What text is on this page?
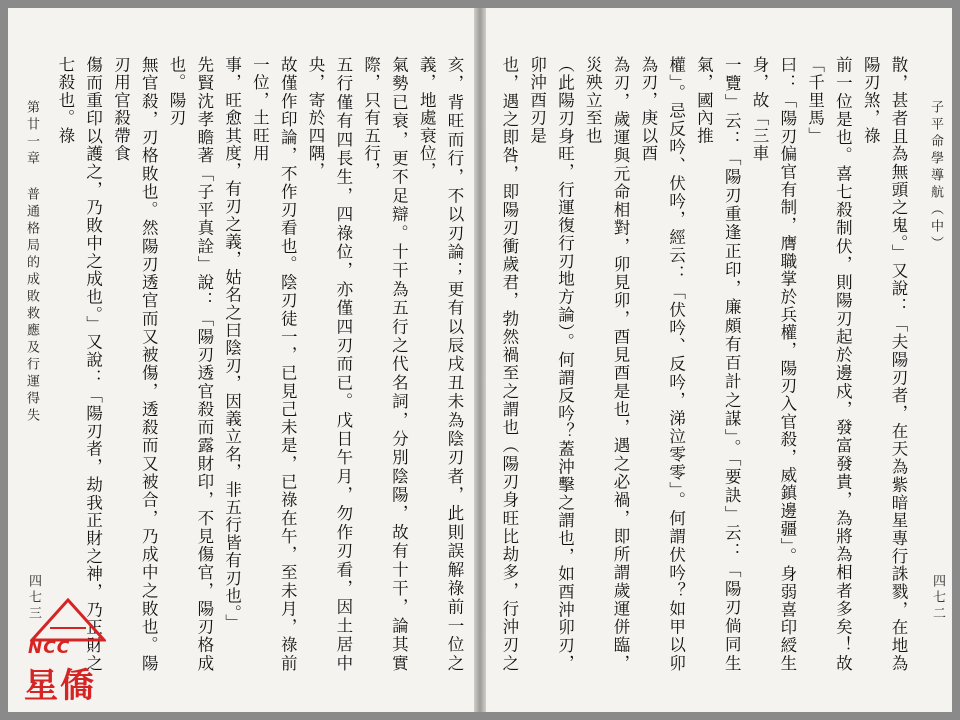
第廿一章 普通格局的成敗救應及行運得失
四七三	亥，背旺而行，不以刃論；更有以辰戌丑未為陰刃者，此則誤解祿前一位之義，地處衰位，
氣勢已衰，更不足辯。十干為五行之代名詞，分別陰陽，故有十干，論其實際，只有五行，
五行僅有四長生，四祿位，亦僅四刃而已。戊日午月，勿作刃看，因土居中央，寄於四隅，
故僅作印論，不作刃看也。陰刃徒一，已見己未是，已祿在午，至未月，祿前一位，土旺用
事，旺愈其度，有刃之義，姑名之曰陰刃，因義立名，非五行皆有刃也。」
先賢沈孝瞻著「子平真詮」說：「陽刃透官殺而露財印，不見傷官，陽刃格成也。陽刃
無官殺，刃格敗也。然陽刃透官而又被傷，透殺而又被合，乃成中之敗也。陽刃用官殺帶食
傷而重印以護之，乃敗中之成也。」又說：「陽刃者，劫我正財之神，乃正財之七殺也。祿
NCC
星僑
子平命學導航（中）
四七二
散，甚者且為無頭之鬼。」又說：「夫陽刃者，在天為紫暗星專行誅戮，在地為陽刃煞，祿
前一位是也。喜七殺制伏，則陽刃起於邊戍，發富發貴，為將為相者多矣！故「千里馬」
曰：「陽刃偏官有制，膺職掌於兵權，陽刃入官殺，威鎮邊疆」。身弱喜印綬生身，故「三車
一覽」云：「陽刃重逢正印，廉頗有百計之謀」。「要訣」云：「陽刃倘同生氣，國內推
權」。忌反吟、伏吟，經云：「伏吟、反吟，涕泣零零」。何謂伏吟？如甲以卯為刃，庚以酉
為刃，歲運與元命相對，卯見卯，酉見酉是也，遇之必禍，即所謂歲運併臨，災殃立至也
（此陽刃身旺，行運復行刃地方論）。何謂反吟？蓋沖擊之謂也，如酉沖卯刃，卯沖酉刃是
也，遇之即咎，即陽刃衝歲君，勃然禍至之謂也（陽刃身旺比劫多，行沖刃之
